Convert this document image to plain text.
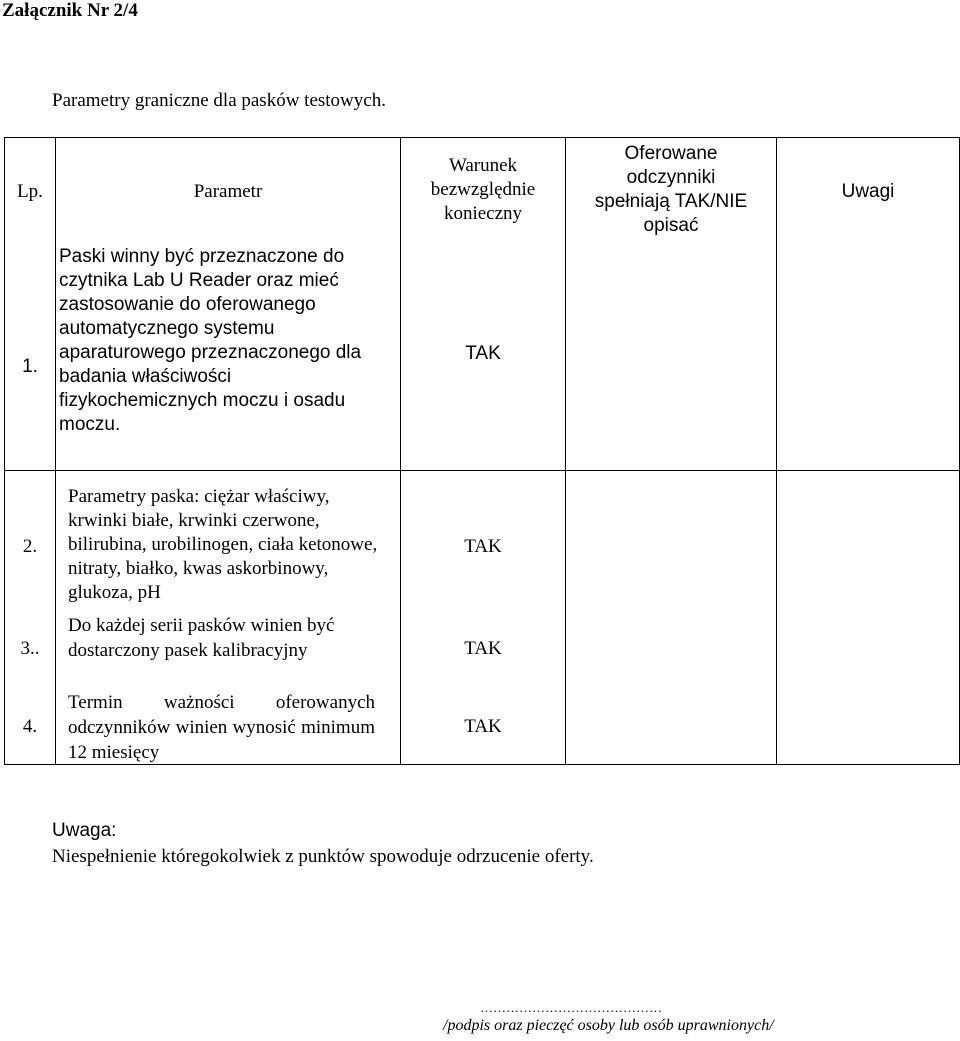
Załącznik Nr 2/4
Parametry graniczne dla pasków testowych.
Lp.	Parametr
Warunek bezwzględnie konieczny
Oferowane odczynniki spełniają TAK/NIE opisać
Uwagi
1.
Paski winny być przeznaczone do czytnika Lab U Reader oraz mieć zastosowanie do oferowanego automatycznego systemu aparaturowego przeznaczonego dla badania właściwości fizykochemicznych moczu i osadu moczu.
TAK
2.
Parametry paska: ciężar właściwy, krwinki białe, krwinki czerwone, bilirubina, urobilinogen, ciała ketonowe, nitraty, białko, kwas askorbinowy, glukoza, pH
TAK
3..
Do każdej serii pasków winien być dostarczony pasek kalibracyjny	TAK
4.
Termin ważności oferowanych odczynników winien wynosić minimum 12 miesięcy
TAK
Uwaga:
Niespełnienie któregokolwiek z punktów spowoduje odrzucenie oferty.
……………………………………
/podpis oraz pieczęć osoby lub osób uprawnionych/
